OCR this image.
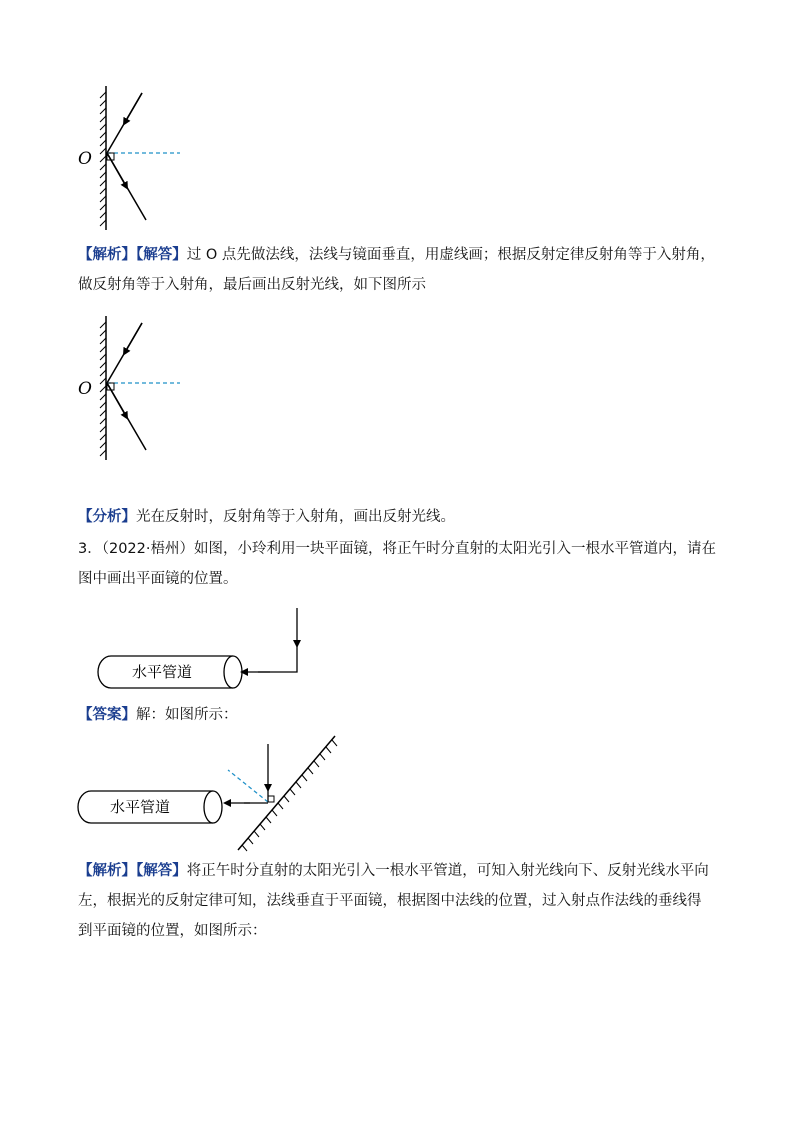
O

【解析】【解答】过 O 点先做法线，法线与镜面垂直，用虚线画；根据反射定律反射角等于入射角，
做反射角等于入射角，最后画出反射光线，如下图所示

O

【分析】光在反射时，反射角等于入射角，画出反射光线。

3．（2022·梧州）如图，小玲利用一块平面镜，将正午时分直射的太阳光引入一根水平管道内，请在
图中画出平面镜的位置。

水平管道

【答案】解：如图所示：

水平管道

【解析】【解答】将正午时分直射的太阳光引入一根水平管道，可知入射光线向下、反射光线水平向
左，根据光的反射定律可知，法线垂直于平面镜，根据图中法线的位置，过入射点作法线的垂线得
到平面镜的位置，如图所示：
